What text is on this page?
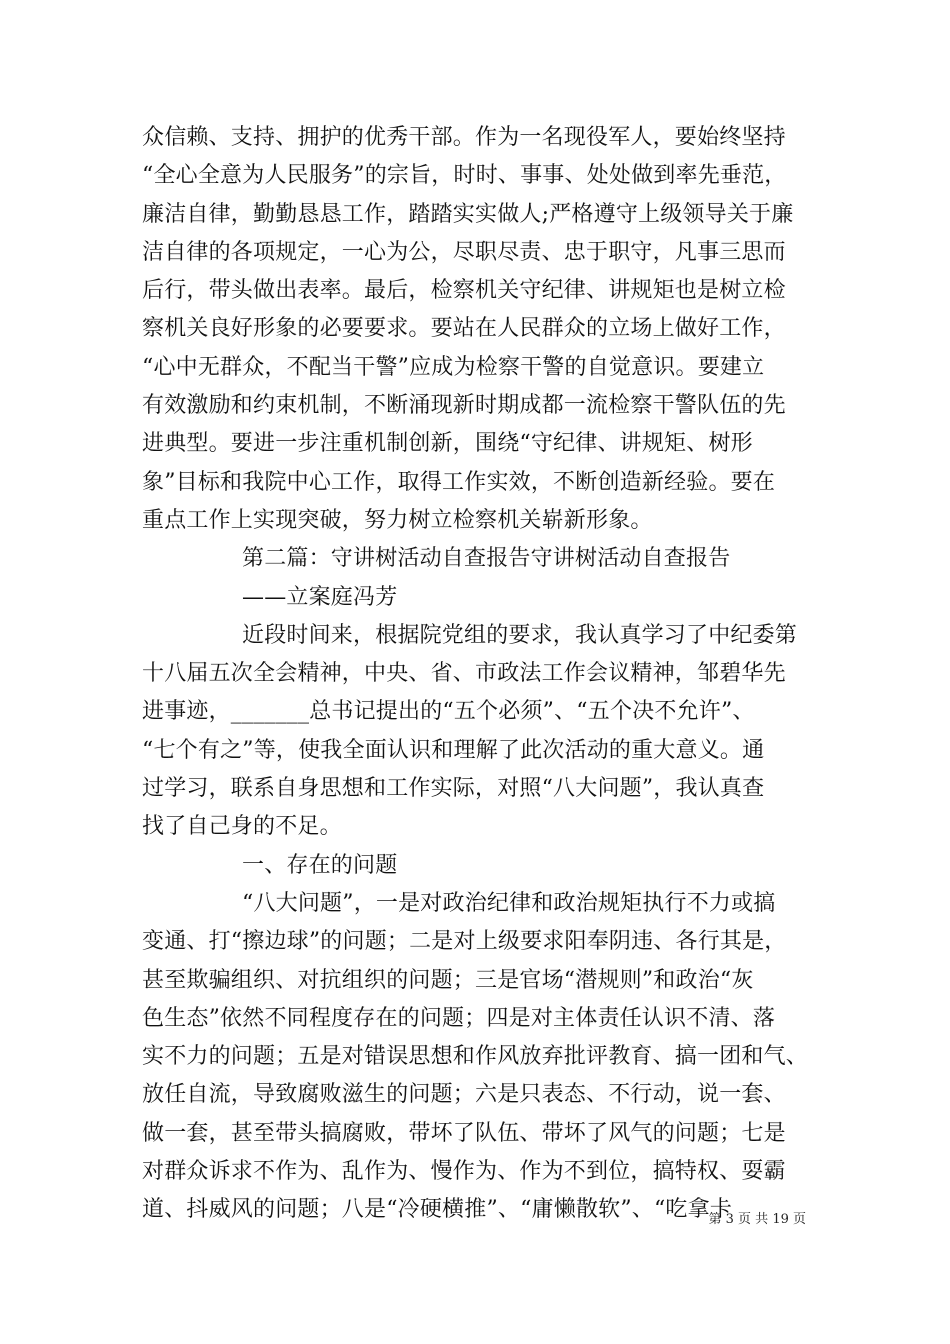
众信赖、支持、拥护的优秀干部。作为一名现役军人，要始终坚持
“全心全意为人民服务”的宗旨，时时、事事、处处做到率先垂范，
廉洁自律，勤勤恳恳工作，踏踏实实做人;严格遵守上级领导关于廉
洁自律的各项规定，一心为公，尽职尽责、忠于职守，凡事三思而
后行，带头做出表率。最后，检察机关守纪律、讲规矩也是树立检
察机关良好形象的必要要求。要站在人民群众的立场上做好工作，
“心中无群众，不配当干警”应成为检察干警的自觉意识。要建立
有效激励和约束机制，不断涌现新时期成都一流检察干警队伍的先
进典型。要进一步注重机制创新，围绕“守纪律、讲规矩、树形
象”目标和我院中心工作，取得工作实效，不断创造新经验。要在
重点工作上实现突破，努力树立检察机关崭新形象。
第二篇：守讲树活动自查报告守讲树活动自查报告
——立案庭冯芳
近段时间来，根据院党组的要求，我认真学习了中纪委第
十八届五次全会精神，中央、省、市政法工作会议精神，邹碧华先
进事迹，_______总书记提出的“五个必须”、“五个决不允许”、
“七个有之”等，使我全面认识和理解了此次活动的重大意义。通
过学习，联系自身思想和工作实际，对照“八大问题”，我认真查
找了自己身的不足。
一、存在的问题
“八大问题”，一是对政治纪律和政治规矩执行不力或搞
变通、打“擦边球”的问题；二是对上级要求阳奉阴违、各行其是，
甚至欺骗组织、对抗组织的问题；三是官场“潜规则”和政治“灰
色生态”依然不同程度存在的问题；四是对主体责任认识不清、落
实不力的问题；五是对错误思想和作风放弃批评教育、搞一团和气、
放任自流，导致腐败滋生的问题；六是只表态、不行动，说一套、
做一套，甚至带头搞腐败，带坏了队伍、带坏了风气的问题；七是
对群众诉求不作为、乱作为、慢作为、作为不到位，搞特权、耍霸
道、抖威风的问题；八是“冷硬横推”、“庸懒散软”、“吃拿卡
第 3 页 共 19 页
